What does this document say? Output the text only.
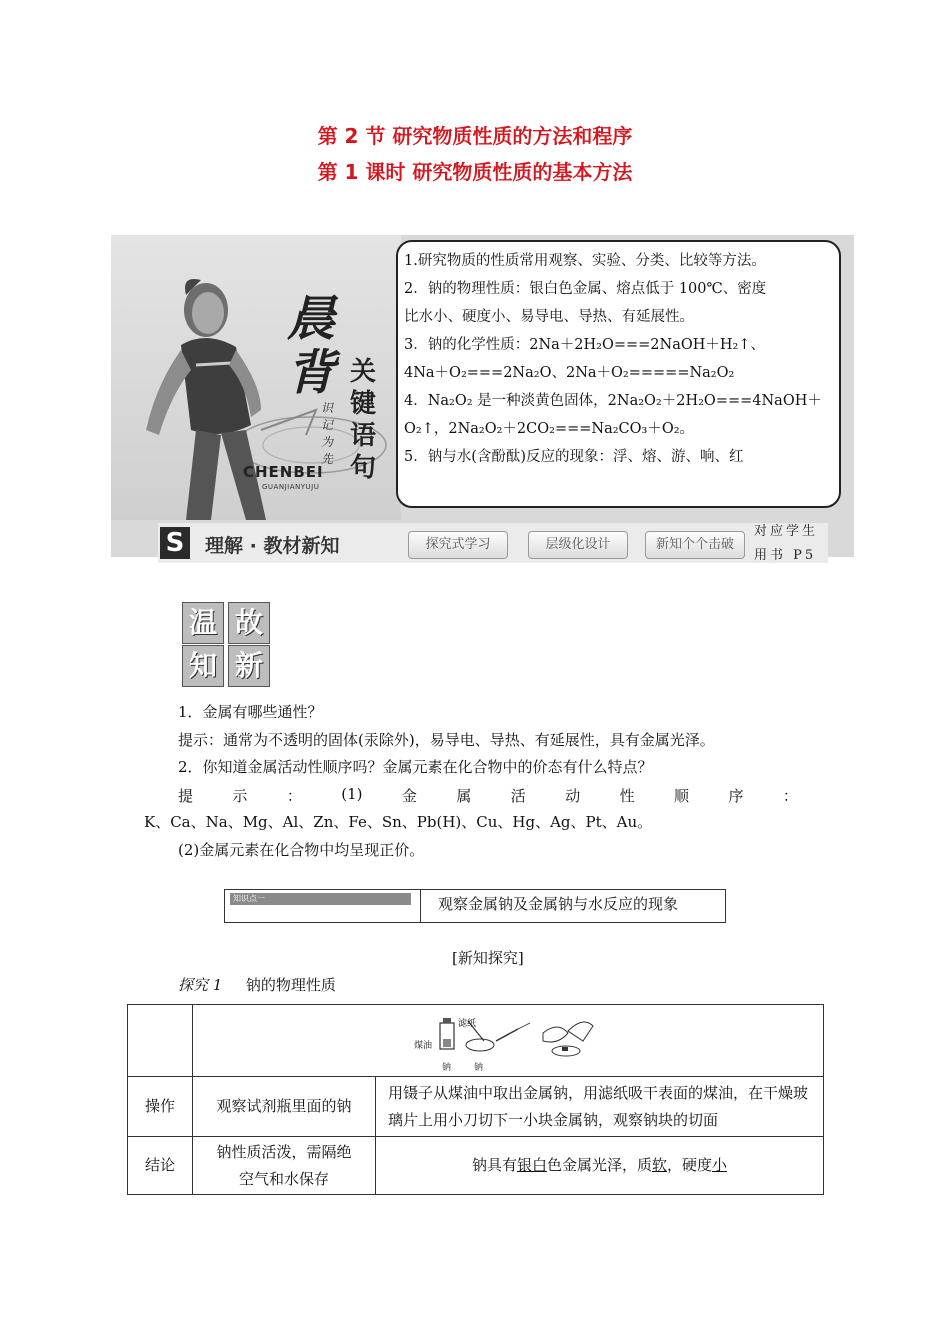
第 2 节 研究物质性质的方法和程序
第 1 课时 研究物质性质的基本方法
晨
背 关
键
语
句
识
记
为
先
CHENBEI
GUANJIANYUJU
1.研究物质的性质常用观察、实验、分类、比较等方法。
2．钠的物理性质：银白色金属、熔点低于 100℃、密度
比水小、硬度小、易导电、导热、有延展性。
3．钠的化学性质：2Na＋2H₂O===2NaOH＋H₂↑、
4Na＋O₂===2Na₂O、2Na＋O₂=====Na₂O₂
4．Na₂O₂ 是一种淡黄色固体，2Na₂O₂＋2H₂O===4NaOH＋
O₂↑，2Na₂O₂＋2CO₂===Na₂CO₃＋O₂。
5．钠与水(含酚酞)反应的现象：浮、熔、游、响、红
S 理解 · 教材新知	探究式学习	层级化设计	新知个个击破
对应学生
用书 P5
温 故
知 新
1．金属有哪些通性？
提示：通常为不透明的固体(汞除外)，易导电、导热、有延展性，具有金属光泽。
2．你知道金属活动性顺序吗？金属元素在化合物中的价态有什么特点？
提	示	：	(1)	金	属	活	动	性	顺	序	：
K、Ca、Na、Mg、Al、Zn、Fe、Sn、Pb(H)、Cu、Hg、Ag、Pt、Au。
(2)金属元素在化合物中均呈现正价。
知识点一	观察金属钠及金属钠与水反应的现象
[新知探究]
探究 1 钠的物理性质

	滤纸
煤油
钠 钠	

操作	观察试剂瓶里面的钠	用镊子从煤油中取出金属钠，用滤纸吸干表面的煤油，在干燥玻璃片上用小刀切下一小块金属钠，观察钠块的切面
结论	钠性质活泼，需隔绝空气和水保存	钠具有银白色金属光泽，质软，硬度小
